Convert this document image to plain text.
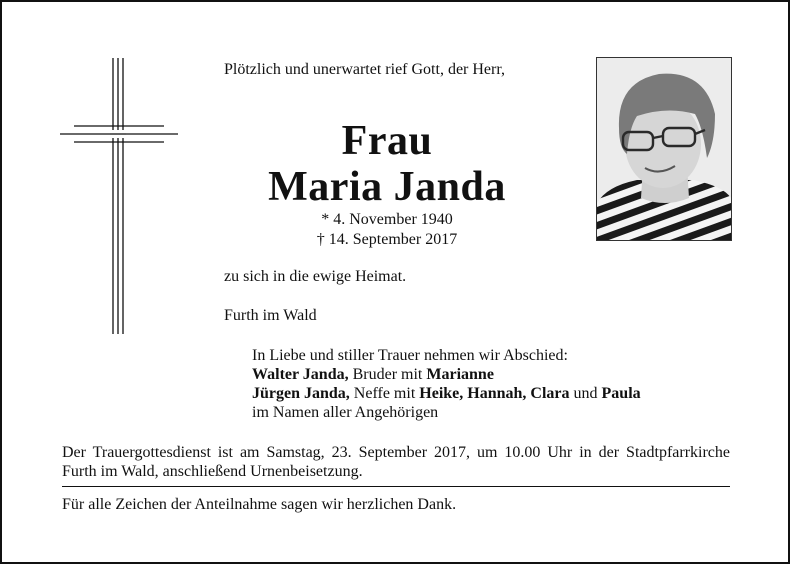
Plötzlich und unerwartet rief Gott, der Herr,
Frau
Maria Janda
* 4. November 1940
† 14. September 2017
zu sich in die ewige Heimat.
Furth im Wald
In Liebe und stiller Trauer nehmen wir Abschied:
Walter Janda, Bruder mit Marianne
Jürgen Janda, Neffe mit Heike, Hannah, Clara und Paula
im Namen aller Angehörigen
Der Trauergottesdienst ist am Samstag, 23. September 2017, um 10.00 Uhr in der Stadtpfarrkirche Furth im Wald, anschließend Urnenbeisetzung.
Für alle Zeichen der Anteilnahme sagen wir herzlichen Dank.
